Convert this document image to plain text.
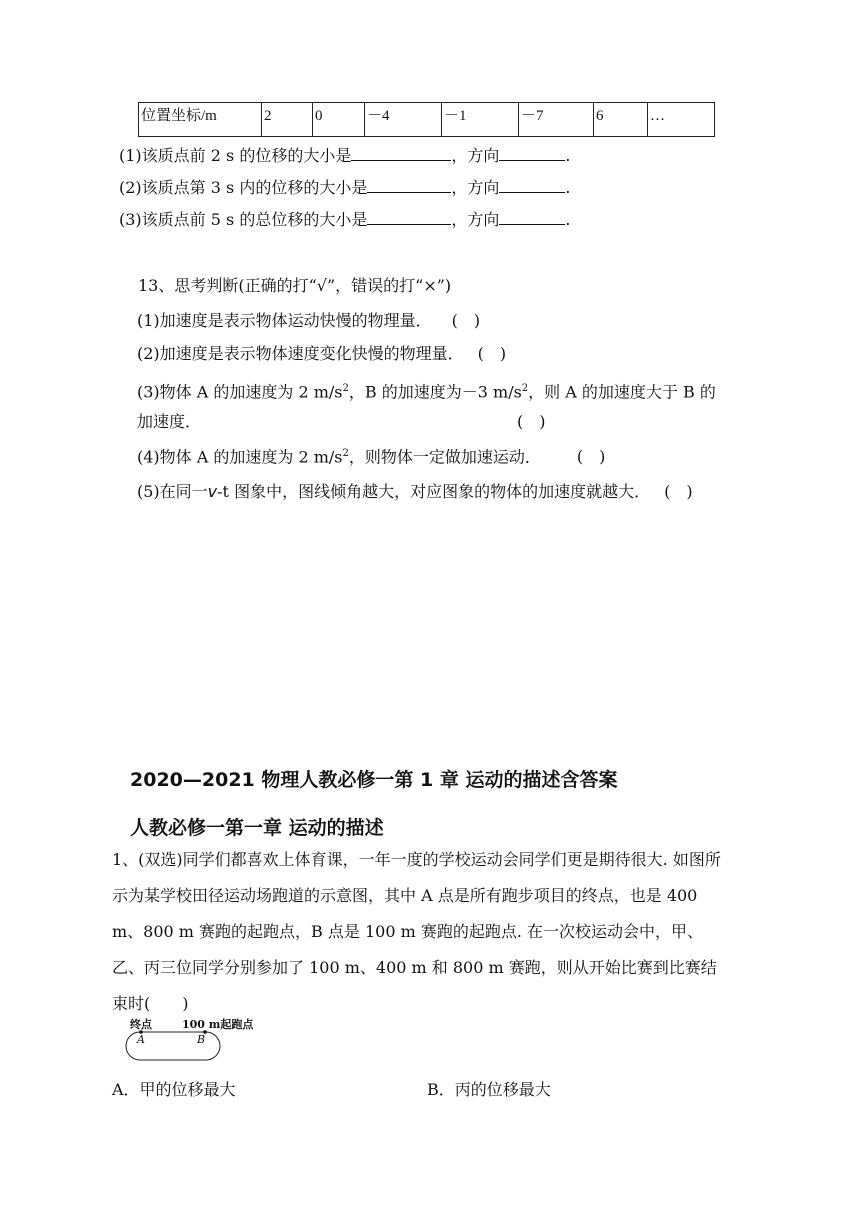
位置坐标/m	2	0	－4	－1	－7	6	…
(1)该质点前 2 s 的位移的大小是	，方向	.
(2)该质点第 3 s 内的位移的大小是	，方向	.
(3)该质点前 5 s 的总位移的大小是	，方向	.
13、思考判断(正确的打“√”，错误的打“×”)
(1)加速度是表示物体运动快慢的物理量． (　)
(2)加速度是表示物体速度变化快慢的物理量． (　)
(3)物体 A 的加速度为 2 $m/s^2$，B 的加速度为－3 $m/s^2$，则 A 的加速度大于 B 的
加速度．	(　)
(4)物体 A 的加速度为 2 $m/s^2$，则物体一定做加速运动． (　)
(5)在同一v-t 图象中，图线倾角越大，对应图象的物体的加速度就越大． (　)
2020—2021 物理人教必修一第 1 章 运动的描述含答案
人教必修一第一章 运动的描述
1、(双选)同学们都喜欢上体育课，一年一度的学校运动会同学们更是期待很大. 如图所示为某学校田径运动场跑道的示意图，其中 A 点是所有跑步项目的终点，也是 400 m、800 m 赛跑的起跑点，B 点是 100 m 赛跑的起跑点. 在一次校运动会中，甲、乙、丙三位同学分别参加了 100 m、400 m 和 800 m 赛跑，则从开始比赛到比赛结束时(　　)
终点	100 m起跑点
A	B
A．甲的位移最大	B．丙的位移最大
